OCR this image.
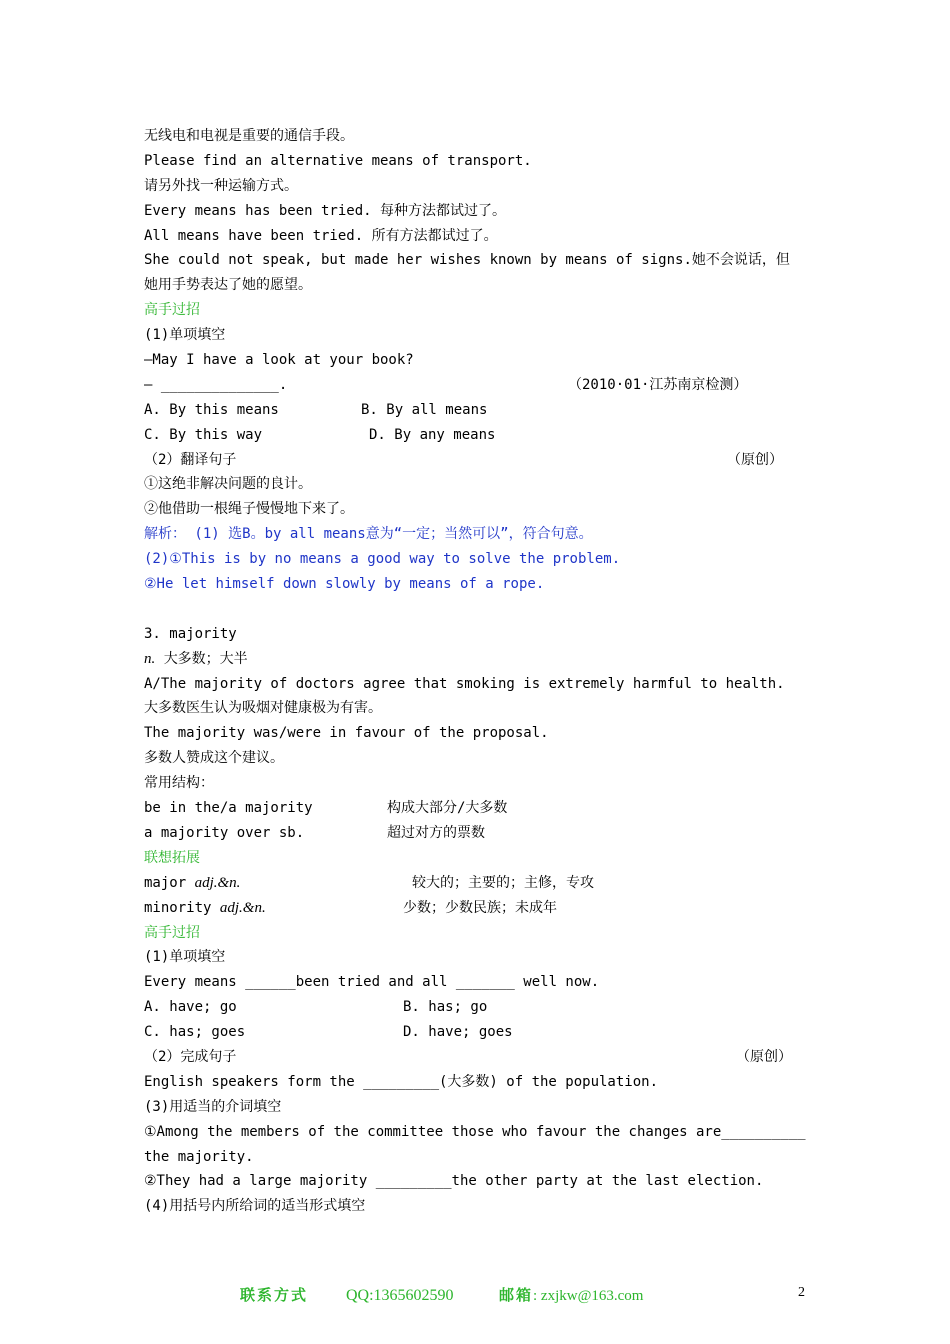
无线电和电视是重要的通信手段。
Please find an alternative means of transport.
请另外找一种运输方式。
Every means has been tried. 每种方法都试过了。
All means have been tried. 所有方法都试过了。
She could not speak, but made her wishes known by means of signs.她不会说话，但
她用手势表达了她的愿望。
高手过招
(1)单项填空
—May I have a look at your book?
— ______________.	（2010·01·江苏南京检测）
A. By this means	B. By all means
C. By this way	D. By any means
（2）翻译句子	（原创）
①这绝非解决问题的良计。
②他借助一根绳子慢慢地下来了。
解析： (1) 选B。by all means意为“一定；当然可以”，符合句意。
(2)①This is by no means a good way to solve the problem.
②He let himself down slowly by means of a rope.
3. majority
n. 大多数；大半
A/The majority of doctors agree that smoking is extremely harmful to health.
大多数医生认为吸烟对健康极为有害。
The majority was/were in favour of the proposal.
多数人赞成这个建议。
常用结构：
be in the/a majority	构成大部分/大多数
a majority over sb.	超过对方的票数
联想拓展
major adj.&n.	较大的；主要的；主修，专攻
minority adj.&n.	少数；少数民族；未成年
高手过招
(1)单项填空
Every means ______been tried and all _______ well now.
A. have; go	B. has; go
C. has; goes	D. have; goes
（2）完成句子	（原创）
English speakers form the _________(大多数) of the population.
(3)用适当的介词填空
①Among the members of the committee those who favour the changes are__________
the majority.
②They had a large majority _________the other party at the last election.
(4)用括号内所给词的适当形式填空
联系方式 QQ:1365602590	邮箱: zxjkw@163.com	2
